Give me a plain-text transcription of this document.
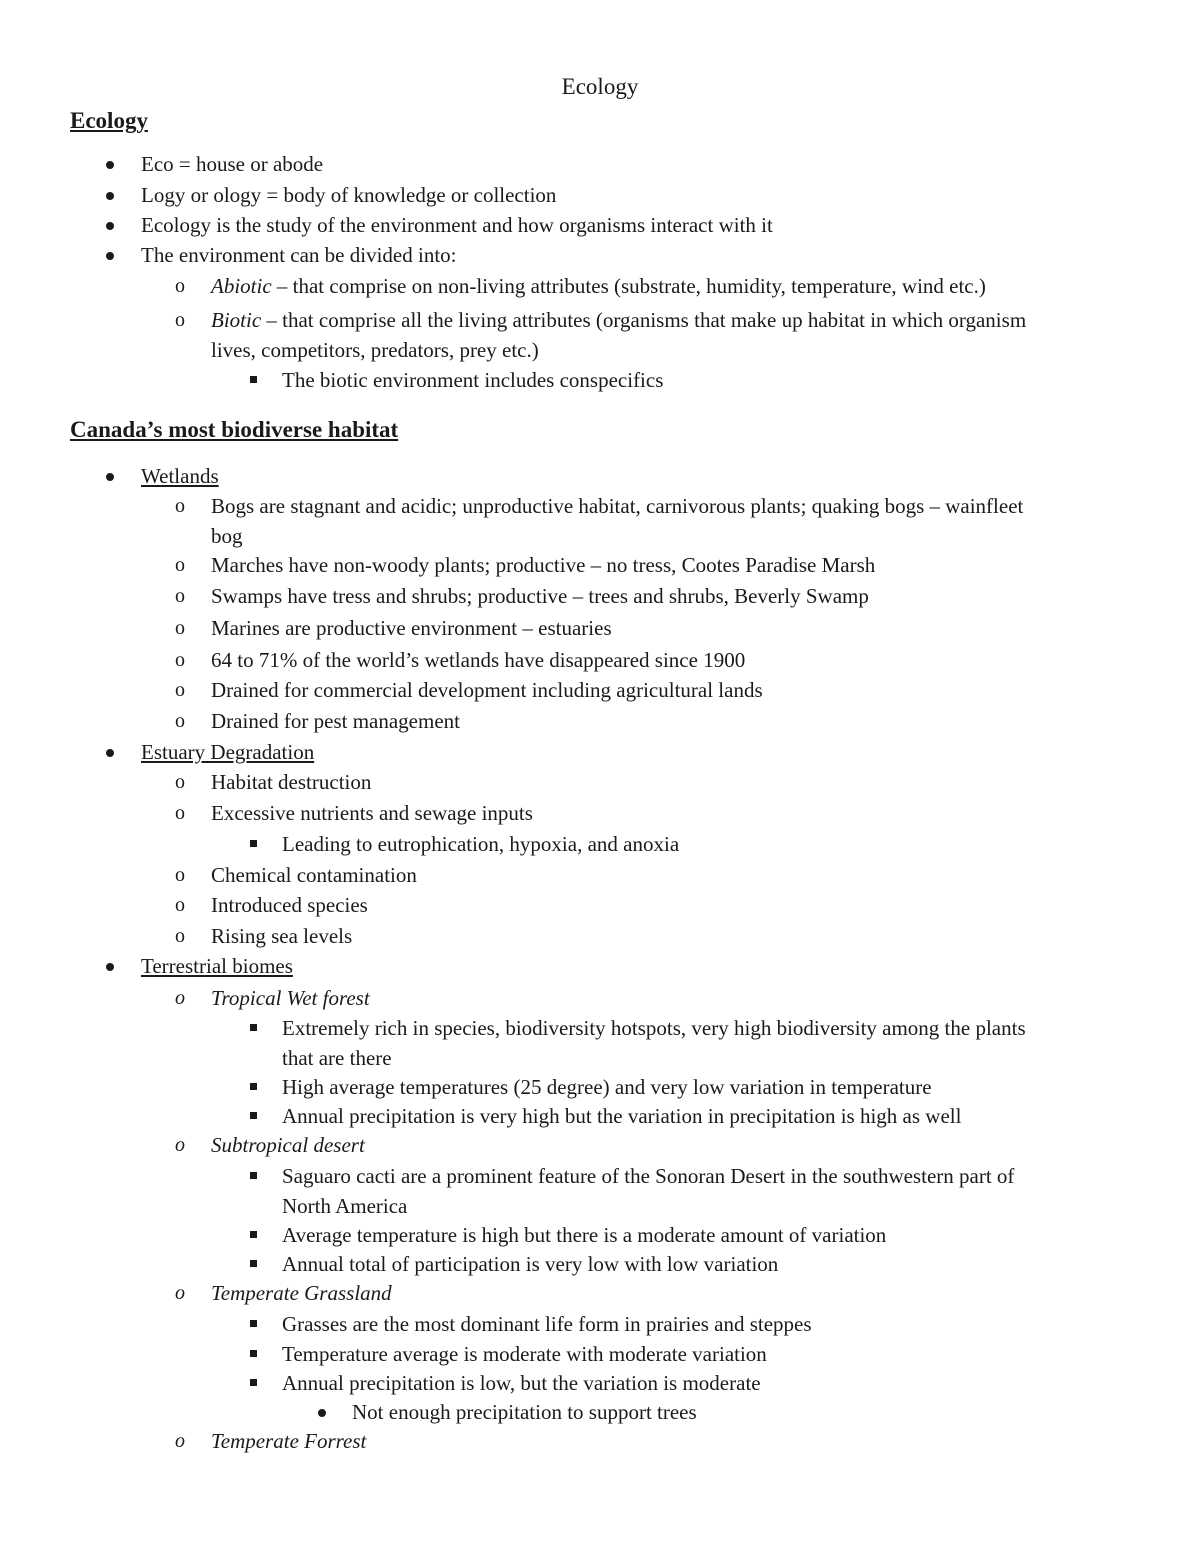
Ecology
Ecology
Eco = house or abode
Logy or ology = body of knowledge or collection
Ecology is the study of the environment and how organisms interact with it
The environment can be divided into:
o Abiotic – that comprise on non-living attributes (substrate, humidity, temperature, wind etc.)
o Biotic – that comprise all the living attributes (organisms that make up habitat in which organism
lives, competitors, predators, prey etc.)
The biotic environment includes conspecifics
Canada’s most biodiverse habitat
Wetlands
o Bogs are stagnant and acidic; unproductive habitat, carnivorous plants; quaking bogs – wainfleet
bog
o Marches have non-woody plants; productive – no tress, Cootes Paradise Marsh
o Swamps have tress and shrubs; productive – trees and shrubs, Beverly Swamp
o Marines are productive environment – estuaries
o 64 to 71% of the world’s wetlands have disappeared since 1900
o Drained for commercial development including agricultural lands
o Drained for pest management
Estuary Degradation
o Habitat destruction
o Excessive nutrients and sewage inputs
Leading to eutrophication, hypoxia, and anoxia
o Chemical contamination
o Introduced species
o Rising sea levels
Terrestrial biomes
o Tropical Wet forest
Extremely rich in species, biodiversity hotspots, very high biodiversity among the plants
that are there
High average temperatures (25 degree) and very low variation in temperature
Annual precipitation is very high but the variation in precipitation is high as well
o Subtropical desert
Saguaro cacti are a prominent feature of the Sonoran Desert in the southwestern part of
North America
Average temperature is high but there is a moderate amount of variation
Annual total of participation is very low with low variation
o Temperate Grassland
Grasses are the most dominant life form in prairies and steppes
Temperature average is moderate with moderate variation
Annual precipitation is low, but the variation is moderate
Not enough precipitation to support trees
o Temperate Forrest
